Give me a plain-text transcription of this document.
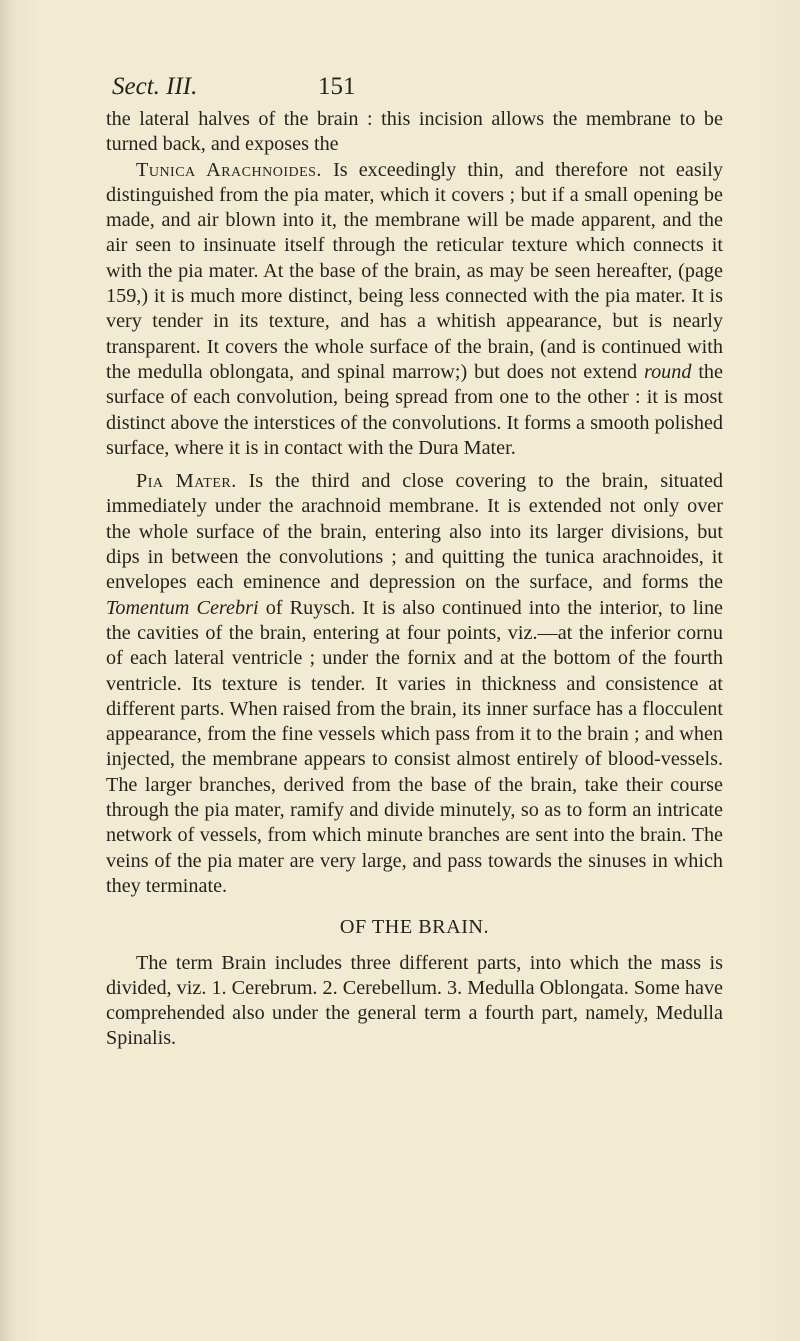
Sect. III.	151

the lateral halves of the brain : this incision allows the membrane to be turned back, and exposes the

Tunica Arachnoides. Is exceedingly thin, and therefore not easily distinguished from the pia mater, which it covers ; but if a small opening be made, and air blown into it, the membrane will be made apparent, and the air seen to insinuate itself through the reticular texture which connects it with the pia mater. At the base of the brain, as may be seen hereafter, (page 159,) it is much more distinct, being less connected with the pia mater. It is very tender in its texture, and has a whitish appearance, but is nearly transparent. It covers the whole surface of the brain, (and is continued with the medulla oblongata, and spinal marrow;) but does not extend round the surface of each convolution, being spread from one to the other : it is most distinct above the interstices of the convolutions. It forms a smooth polished surface, where it is in contact with the Dura Mater.

Pia Mater. Is the third and close covering to the brain, situated immediately under the arachnoid membrane. It is extended not only over the whole surface of the brain, entering also into its larger divisions, but dips in between the convolutions ; and quitting the tunica arachnoides, it envelopes each eminence and depression on the surface, and forms the Tomentum Cerebri of Ruysch. It is also continued into the interior, to line the cavities of the brain, entering at four points, viz.—at the inferior cornu of each lateral ventricle ; under the fornix and at the bottom of the fourth ventricle. Its texture is tender. It varies in thickness and consistence at different parts. When raised from the brain, its inner surface has a flocculent appearance, from the fine vessels which pass from it to the brain ; and when injected, the membrane appears to consist almost entirely of blood-vessels. The larger branches, derived from the base of the brain, take their course through the pia mater, ramify and divide minutely, so as to form an intricate network of vessels, from which minute branches are sent into the brain. The veins of the pia mater are very large, and pass towards the sinuses in which they terminate.

OF THE BRAIN.

The term Brain includes three different parts, into which the mass is divided, viz. 1. Cerebrum. 2. Cerebellum. 3. Medulla Oblongata. Some have comprehended also under the general term a fourth part, namely, Medulla Spinalis.
